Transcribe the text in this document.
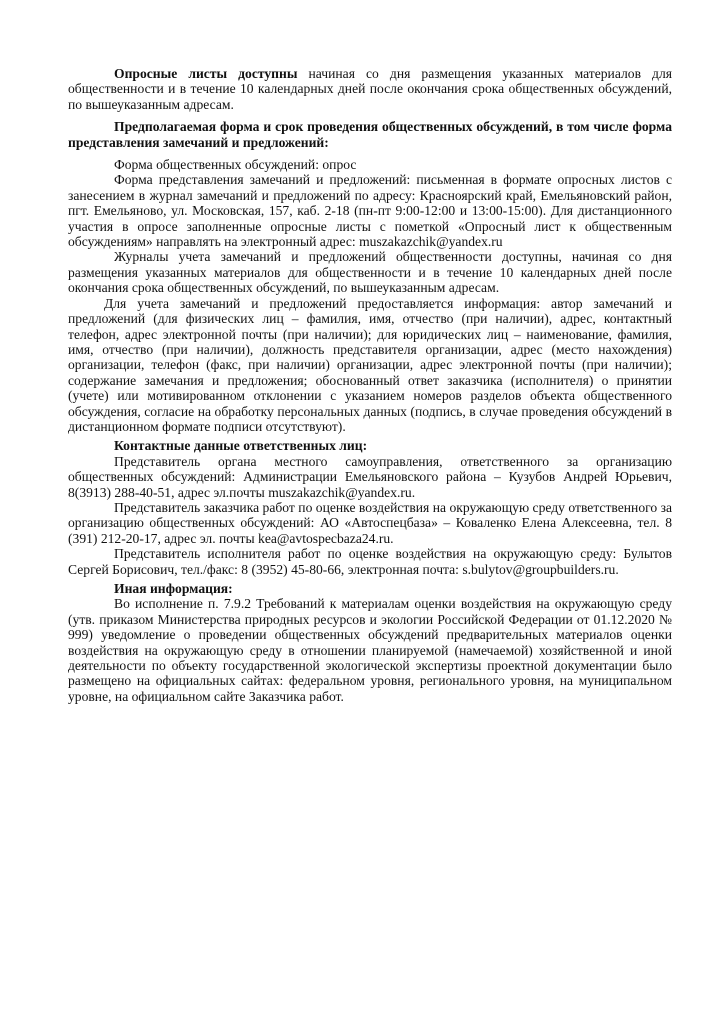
Опросные листы доступны начиная со дня размещения указанных материалов для общественности и в течение 10 календарных дней после окончания срока общественных обсуждений, по вышеуказанным адресам.

Предполагаемая форма и срок проведения общественных обсуждений, в том числе форма представления замечаний и предложений:

Форма общественных обсуждений: опрос

Форма представления замечаний и предложений: письменная в формате опросных листов с занесением в журнал замечаний и предложений по адресу: Красноярский край, Емельяновский район, пгт. Емельяново, ул. Московская, 157, каб. 2-18 (пн-пт 9:00-12:00 и 13:00-15:00). Для дистанционного участия в опросе заполненные опросные листы с пометкой «Опросный лист к общественным обсуждениям» направлять на электронный адрес: muszakazchik@yandex.ru

Журналы учета замечаний и предложений общественности доступны, начиная со дня размещения указанных материалов для общественности и в течение 10 календарных дней после окончания срока общественных обсуждений, по вышеуказанным адресам.

Для учета замечаний и предложений предоставляется информация: автор замечаний и предложений (для физических лиц – фамилия, имя, отчество (при наличии), адрес, контактный телефон, адрес электронной почты (при наличии); для юридических лиц – наименование, фамилия, имя, отчество (при наличии), должность представителя организации, адрес (место нахождения) организации, телефон (факс, при наличии) организации, адрес электронной почты (при наличии); содержание замечания и предложения; обоснованный ответ заказчика (исполнителя) о принятии (учете) или мотивированном отклонении с указанием номеров разделов объекта общественного обсуждения, согласие на обработку персональных данных (подпись, в случае проведения обсуждений в дистанционном формате подписи отсутствуют).

Контактные данные ответственных лиц:

Представитель органа местного самоуправления, ответственного за организацию общественных обсуждений: Администрации Емельяновского района – Кузубов Андрей Юрьевич, 8(3913) 288-40-51, адрес эл.почты muszakazchik@yandex.ru.

Представитель заказчика работ по оценке воздействия на окружающую среду ответственного за организацию общественных обсуждений: АО «Автоспецбаза» – Коваленко Елена Алексеевна, тел. 8 (391) 212-20-17, адрес эл. почты kea@avtospecbaza24.ru.

Представитель исполнителя работ по оценке воздействия на окружающую среду: Булытов Сергей Борисович, тел./факс: 8 (3952) 45-80-66, электронная почта: s.bulytov@groupbuilders.ru.

Иная информация:

Во исполнение п. 7.9.2 Требований к материалам оценки воздействия на окружающую среду (утв. приказом Министерства природных ресурсов и экологии Российской Федерации от 01.12.2020 № 999) уведомление о проведении общественных обсуждений предварительных материалов оценки воздействия на окружающую среду в отношении планируемой (намечаемой) хозяйственной и иной деятельности по объекту государственной экологической экспертизы проектной документации было размещено на официальных сайтах: федеральном уровня, регионального уровня, на муниципальном уровне, на официальном сайте Заказчика работ.
